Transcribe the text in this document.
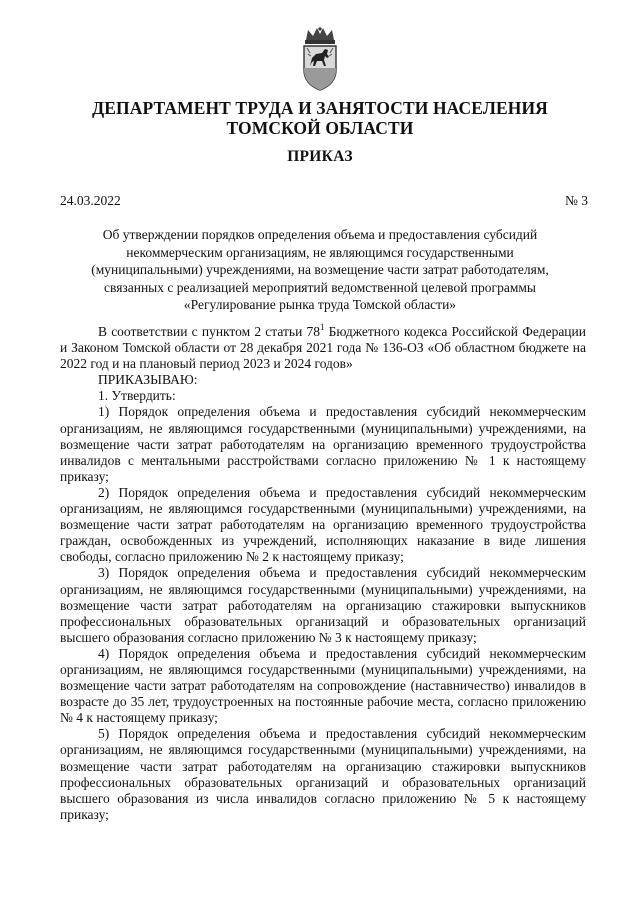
ДЕПАРТАМЕНТ ТРУДА И ЗАНЯТОСТИ НАСЕЛЕНИЯ
ТОМСКОЙ ОБЛАСТИ
ПРИКАЗ
24.03.2022	№ 3
Об утверждении порядков определения объема и предоставления субсидий
некоммерческим организациям, не являющимся государственными
(муниципальными) учреждениями, на возмещение части затрат работодателям,
связанных с реализацией мероприятий ведомственной целевой программы
«Регулирование рынка труда Томской области»

В соответствии с пунктом 2 статьи $78^1$ Бюджетного кодекса Российской Федерации и Законом Томской области от 28 декабря 2021 года № 136-ОЗ «Об областном бюджете на 2022 год и на плановый период 2023 и 2024 годов»

ПРИКАЗЫВАЮ:

1. Утвердить:

1) Порядок определения объема и предоставления субсидий некоммерческим организациям, не являющимся государственными (муниципальными) учреждениями, на возмещение части затрат работодателям на организацию временного трудоустройства инвалидов с ментальными расстройствами согласно приложению № 1 к настоящему приказу;

2) Порядок определения объема и предоставления субсидий некоммерческим организациям, не являющимся государственными (муниципальными) учреждениями, на возмещение части затрат работодателям на организацию временного трудоустройства граждан, освобожденных из учреждений, исполняющих наказание в виде лишения свободы, согласно приложению № 2 к настоящему приказу;

3) Порядок определения объема и предоставления субсидий некоммерческим организациям, не являющимся государственными (муниципальными) учреждениями, на возмещение части затрат работодателям на организацию стажировки выпускников профессиональных образовательных организаций и образовательных организаций высшего образования согласно приложению № 3 к настоящему приказу;

4) Порядок определения объема и предоставления субсидий некоммерческим организациям, не являющимся государственными (муниципальными) учреждениями, на возмещение части затрат работодателям на сопровождение (наставничество) инвалидов в возрасте до 35 лет, трудоустроенных на постоянные рабочие места, согласно приложению № 4 к настоящему приказу;

5) Порядок определения объема и предоставления субсидий некоммерческим организациям, не являющимся государственными (муниципальными) учреждениями, на возмещение части затрат работодателям на организацию стажировки выпускников профессиональных образовательных организаций и образовательных организаций высшего образования из числа инвалидов согласно приложению № 5 к настоящему приказу;
